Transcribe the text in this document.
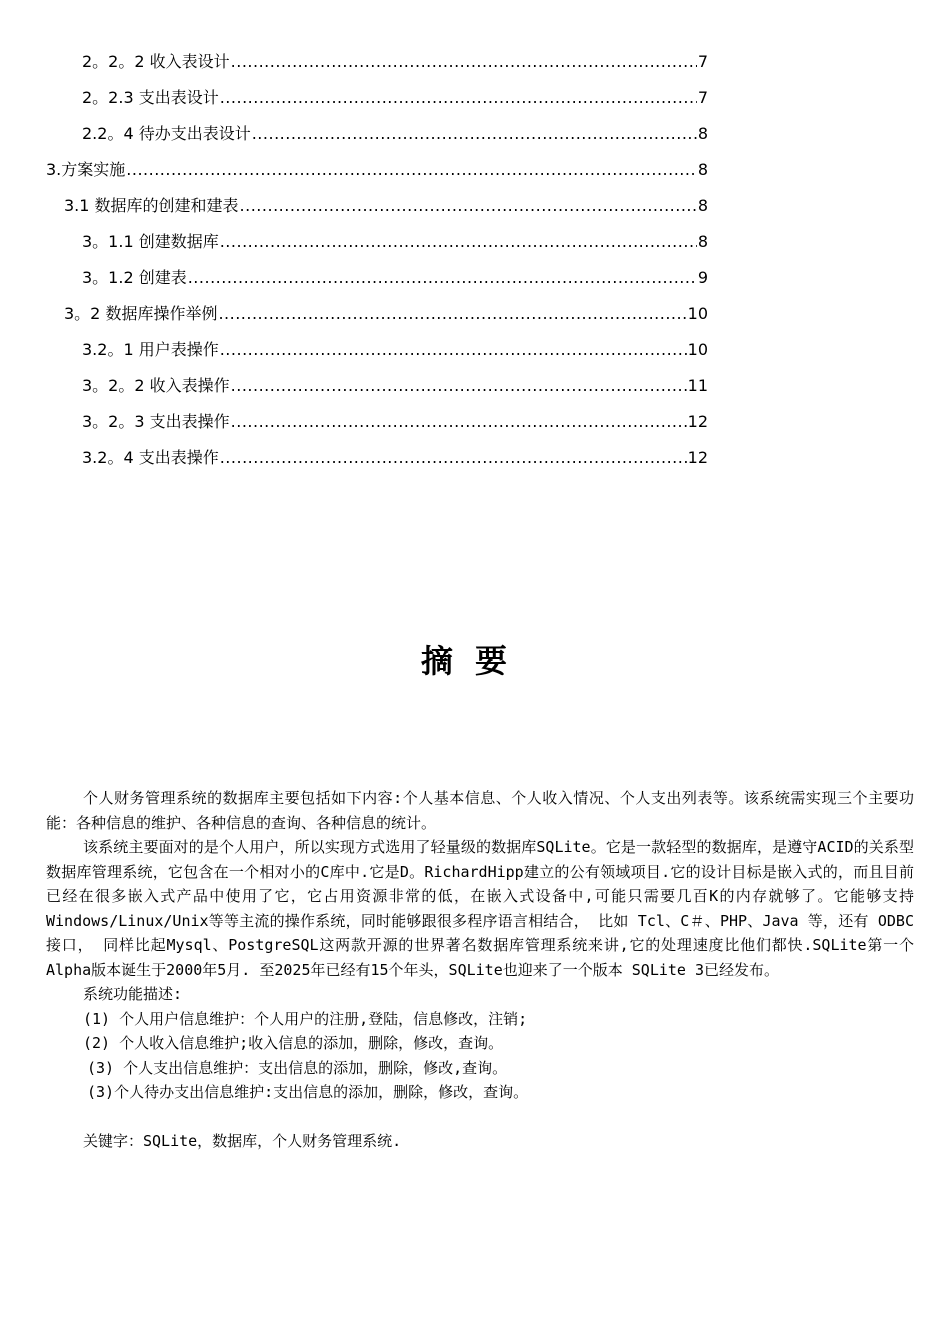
2。2。2 收入表设计 .....	7
2。2.3 支出表设计 .....	7
2.2。4 待办支出表设计 .....	8
3.方案实施 .....	8
3.1 数据库的创建和建表 .....	8
3。1.1 创建数据库 .....	8
3。1.2 创建表 .....	9
3。2 数据库操作举例 .....	10
3.2。1 用户表操作 .....	10
3。2。2 收入表操作 .....	11
3。2。3 支出表操作 .....	12
3.2。4 支出表操作 .....	12
摘要

个人财务管理系统的数据库主要包括如下内容:个人基本信息、个人收入情况、个人支出列表等。该系统需实现三个主要功能：各种信息的维护、各种信息的查询、各种信息的统计。

该系统主要面对的是个人用户，所以实现方式选用了轻量级的数据库SQLite。它是一款轻型的数据库，是遵守ACID的关系型数据库管理系统，它包含在一个相对小的C库中.它是D。RichardHipp建立的公有领域项目.它的设计目标是嵌入式的，而且目前已经在很多嵌入式产品中使用了它，它占用资源非常的低，在嵌入式设备中,可能只需要几百K的内存就够了。它能够支持Windows/Linux/Unix等等主流的操作系统，同时能够跟很多程序语言相结合， 比如 Tcl、C＃、PHP、Java 等，还有 ODBC 接口， 同样比起Mysql、PostgreSQL这两款开源的世界著名数据库管理系统来讲,它的处理速度比他们都快.SQLite第一个Alpha版本诞生于2000年5月. 至2025年已经有15个年头，SQLite也迎来了一个版本 SQLite 3已经发布。

系统功能描述:

(1) 个人用户信息维护：个人用户的注册,登陆，信息修改，注销;

(2) 个人收入信息维护;收入信息的添加，删除，修改，查询。

(3) 个人支出信息维护：支出信息的添加，删除，修改,查询。

(3)个人待办支出信息维护:支出信息的添加，删除，修改，查询。

关键字：SQLite，数据库，个人财务管理系统.
